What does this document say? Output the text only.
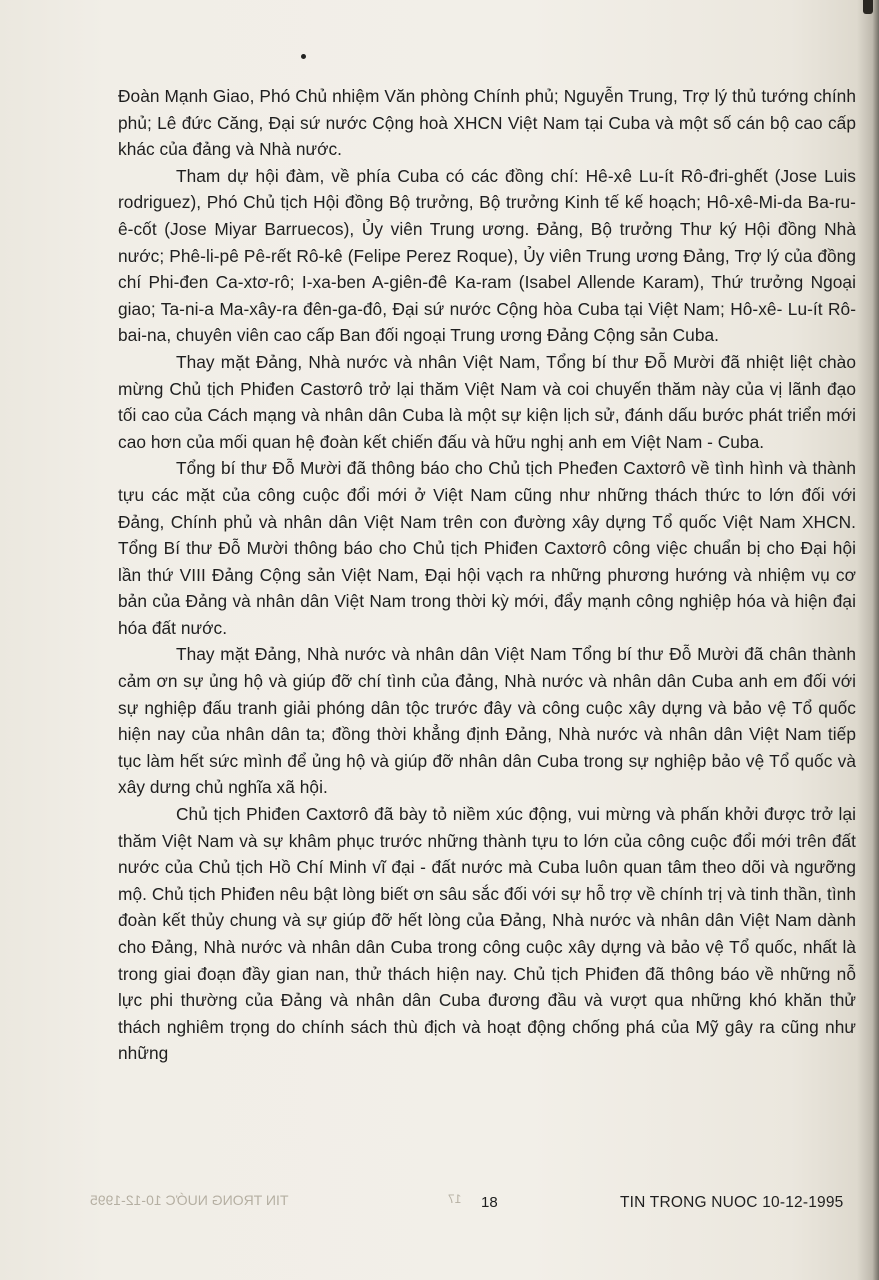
Đoàn Mạnh Giao, Phó Chủ nhiệm Văn phòng Chính phủ; Nguyễn Trung, Trợ lý thủ tướng chính phủ; Lê đức Căng, Đại sứ nước Cộng hoà XHCN Việt Nam tại Cuba và một số cán bộ cao cấp khác của đảng và Nhà nước.

Tham dự hội đàm, về phía Cuba có các đồng chí: Hê-xê Lu-ít Rô-đri-ghết (Jose Luis rodriguez), Phó Chủ tịch Hội đồng Bộ trưởng, Bộ trưởng Kinh tế kế hoạch; Hô-xê-Mi-da Ba-ru-ê-cốt (Jose Miyar Barruecos), Ủy viên Trung ương. Đảng, Bộ trưởng Thư ký Hội đồng Nhà nước; Phê-li-pê Pê-rết Rô-kê (Felipe Perez Roque), Ủy viên Trung ương Đảng, Trợ lý của đồng chí Phi-đen Ca-xtơ-rô; I-xa-ben A-giên-đê Ka-ram (Isabel Allende Karam), Thứ trưởng Ngoại giao; Ta-ni-a Ma-xây-ra đên-ga-đô, Đại sứ nước Cộng hòa Cuba tại Việt Nam; Hô-xê- Lu-ít Rô-bai-na, chuyên viên cao cấp Ban đối ngoại Trung ương Đảng Cộng sản Cuba.

Thay mặt Đảng, Nhà nước và nhân Việt Nam, Tổng bí thư Đỗ Mười đã nhiệt liệt chào mừng Chủ tịch Phiđen Castơrô trở lại thăm Việt Nam và coi chuyến thăm này của vị lãnh đạo tối cao của Cách mạng và nhân dân Cuba là một sự kiện lịch sử, đánh dấu bước phát triển mới cao hơn của mối quan hệ đoàn kết chiến đấu và hữu nghị anh em Việt Nam - Cuba.

Tổng bí thư Đỗ Mười đã thông báo cho Chủ tịch Pheđen Caxtơrô về tình hình và thành tựu các mặt của công cuộc đổi mới ở Việt Nam cũng như những thách thức to lớn đối với Đảng, Chính phủ và nhân dân Việt Nam trên con đường xây dựng Tổ quốc Việt Nam XHCN. Tổng Bí thư Đỗ Mười thông báo cho Chủ tịch Phiđen Caxtơrô công việc chuẩn bị cho Đại hội lần thứ VIII Đảng Cộng sản Việt Nam, Đại hội vạch ra những phương hướng và nhiệm vụ cơ bản của Đảng và nhân dân Việt Nam trong thời kỳ mới, đẩy mạnh công nghiệp hóa và hiện đại hóa đất nước.

Thay mặt Đảng, Nhà nước và nhân dân Việt Nam Tổng bí thư Đỗ Mười đã chân thành cảm ơn sự ủng hộ và giúp đỡ chí tình của đảng, Nhà nước và nhân dân Cuba anh em đối với sự nghiệp đấu tranh giải phóng dân tộc trước đây và công cuộc xây dựng và bảo vệ Tổ quốc hiện nay của nhân dân ta; đồng thời khẳng định Đảng, Nhà nước và nhân dân Việt Nam tiếp tục làm hết sức mình để ủng hộ và giúp đỡ nhân dân Cuba trong sự nghiệp bảo vệ Tổ quốc và xây dưng chủ nghĩa xã hội.

Chủ tịch Phiđen Caxtơrô đã bày tỏ niềm xúc động, vui mừng và phấn khởi được trở lại thăm Việt Nam và sự khâm phục trước những thành tựu to lớn của công cuộc đổi mới trên đất nước của Chủ tịch Hồ Chí Minh vĩ đại - đất nước mà Cuba luôn quan tâm theo dõi và ngưỡng mộ. Chủ tịch Phiđen nêu bật lòng biết ơn sâu sắc đối với sự hỗ trợ về chính trị và tinh thần, tình đoàn kết thủy chung và sự giúp đỡ hết lòng của Đảng, Nhà nước và nhân dân Việt Nam dành cho Đảng, Nhà nước và nhân dân Cuba trong công cuộc xây dựng và bảo vệ Tổ quốc, nhất là trong giai đoạn đầy gian nan, thử thách hiện nay. Chủ tịch Phiđen đã thông báo về những nỗ lực phi thường của Đảng và nhân dân Cuba đương đầu và vượt qua những khó khăn thử thách nghiêm trọng do chính sách thù địch và hoạt động chống phá của Mỹ gây ra cũng như những

TIN TRONG NUỚC 10-12-1995	17 18	TIN TRONG NUOC 10-12-1995
